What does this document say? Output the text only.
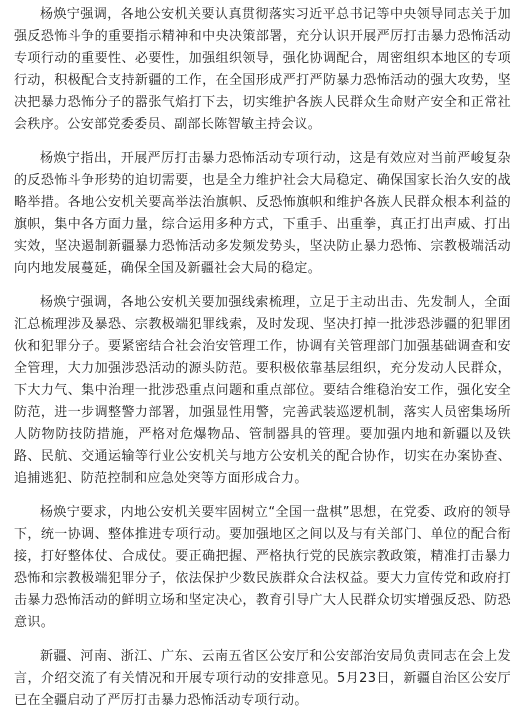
杨焕宁强调，各地公安机关要认真贯彻落实习近平总书记等中央领导同志关于加强反恐怖斗争的重要指示精神和中央决策部署，充分认识开展严厉打击暴力恐怖活动专项行动的重要性、必要性，加强组织领导，强化协调配合，周密组织本地区的专项行动，积极配合支持新疆的工作，在全国形成严打严防暴力恐怖活动的强大攻势，坚决把暴力恐怖分子的嚣张气焰打下去，切实维护各族人民群众生命财产安全和正常社会秩序。公安部党委委员、副部长陈智敏主持会议。

杨焕宁指出，开展严厉打击暴力恐怖活动专项行动，这是有效应对当前严峻复杂的反恐怖斗争形势的迫切需要，也是全力维护社会大局稳定、确保国家长治久安的战略举措。各地公安机关要高举法治旗帜、反恐怖旗帜和维护各族人民群众根本利益的旗帜，集中各方面力量，综合运用多种方式，下重手、出重拳，真正打出声威、打出实效，坚决遏制新疆暴力恐怖活动多发频发势头，坚决防止暴力恐怖、宗教极端活动向内地发展蔓延，确保全国及新疆社会大局的稳定。

杨焕宁强调，各地公安机关要加强线索梳理，立足于主动出击、先发制人，全面汇总梳理涉及暴恐、宗教极端犯罪线索，及时发现、坚决打掉一批涉恐涉疆的犯罪团伙和犯罪分子。要紧密结合社会治安管理工作，协调有关管理部门加强基础调查和安全管理，大力加强涉恐活动的源头防范。要积极依靠基层组织，充分发动人民群众，下大力气、集中治理一批涉恐重点问题和重点部位。要结合维稳治安工作，强化安全防范，进一步调整警力部署，加强显性用警，完善武装巡逻机制，落实人员密集场所人防物防技防措施，严格对危爆物品、管制器具的管理。要加强内地和新疆以及铁路、民航、交通运输等行业公安机关与地方公安机关的配合协作，切实在办案协查、追捕逃犯、防范控制和应急处突等方面形成合力。

杨焕宁要求，内地公安机关要牢固树立“全国一盘棋”思想，在党委、政府的领导下，统一协调、整体推进专项行动。要加强地区之间以及与有关部门、单位的配合衔接，打好整体仗、合成仗。要正确把握、严格执行党的民族宗教政策，精准打击暴力恐怖和宗教极端犯罪分子，依法保护少数民族群众合法权益。要大力宣传党和政府打击暴力恐怖活动的鲜明立场和坚定决心，教育引导广大人民群众切实增强反恐、防恐意识。

新疆、河南、浙江、广东、云南五省区公安厅和公安部治安局负责同志在会上发言，介绍交流了有关情况和开展专项行动的安排意见。5月23日，新疆自治区公安厅已在全疆启动了严厉打击暴力恐怖活动专项行动。
